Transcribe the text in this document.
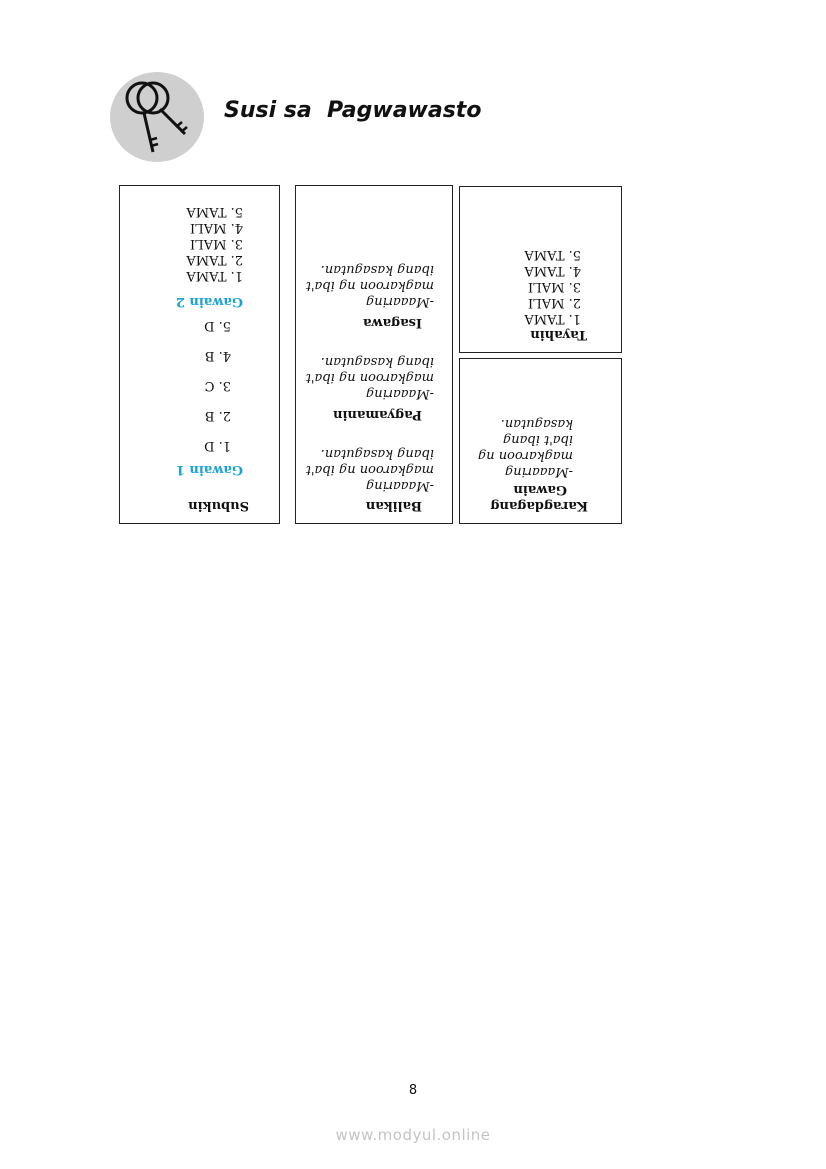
Susi sa  Pagwawasto
Subukin
Gawain 1
1. D
2. B
3. C
4. B
5. D
Gawain 2
1. TAMA
2. TAMA
3. MALI
4. MALI
5. TAMA
Balikan
-Maaaring
magkaroon ng iba't
ibang kasagutan.
Pagyamanin
-Maaaring
magkaroon ng iba't
ibang kasagutan.
Isagawa
-Maaaring
magkaroon ng iba't
ibang kasagutan.
Tayahin
1. TAMA
2. MALI
3. MALI
4. TAMA
5. TAMA
Karagdagang
Gawain
-Maaaring
magkaroon ng
iba't ibang
kasagutan.
8
www.modyul.online
